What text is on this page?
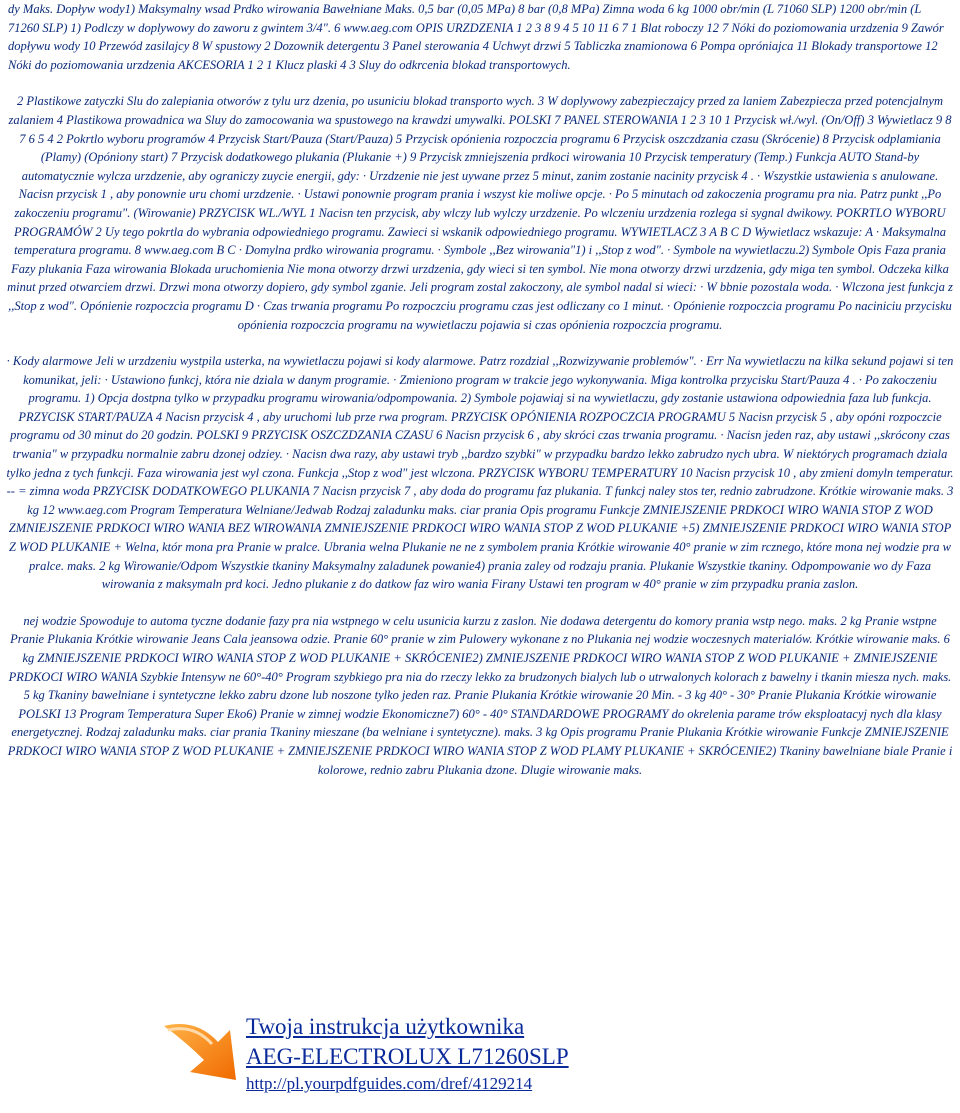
dy Maks. Dopływ wody1) Maksymalny wsad Prdko wirowania Bawełniane Maks. 0,5 bar (0,05 MPa) 8 bar (0,8 MPa) Zimna woda 6 kg 1000 obr/min (L 71060 SLP) 1200 obr/min (L 71260 SLP) 1) Podlczy w doplywowy do zaworu z gwintem 3/4". 6 www.aeg.com OPIS URZDZENIA 1 2 3 8 9 4 5 10 11 6 7 1 Blat roboczy 12 7 Nóki do poziomowania urzdzenia 9 Zawór dopływu wody 10 Przewód zasilajcy 8 W spustowy 2 Dozownik detergentu 3 Panel sterowania 4 Uchwyt drzwi 5 Tabliczka znamionowa 6 Pompa opróniajca 11 Blokady transportowe 12 Nóki do poziomowania urzdzenia AKCESORIA 1 2 1 Klucz plaski 4 3 Sluy do odkrcenia blokad transportowych.

2 Plastikowe zatyczki Slu do zalepiania otworów z tylu urz dzenia, po usuniciu blokad transporto wych. 3 W doplywowy zabezpieczajcy przed za laniem Zabezpiecza przed potencjalnym zalaniem 4 Plastikowa prowadnica wa Sluy do zamocowania wa spustowego na krawdzi umywalki. POLSKI 7 PANEL STEROWANIA 1 2 3 10 1 Przycisk wł./wyl. (On/Off) 3 Wywietlacz 9 8 7 6 5 4 2 Pokrtlo wyboru programów 4 Przycisk Start/Pauza (Start/Pauza) 5 Przycisk opónienia rozpoczcia programu 6 Przycisk oszczdzania czasu (Skrócenie) 8 Przycisk odplamiania (Plamy) (Opóniony start) 7 Przycisk dodatkowego plukania (Plukanie +) 9 Przycisk zmniejszenia prdkoci wirowania 10 Przycisk temperatury (Temp.) Funkcja AUTO Stand-by automatycznie wylcza urzdzenie, aby ograniczy zuycie energii, gdy: · Urzdzenie nie jest uywane przez 5 minut, zanim zostanie nacinity przycisk 4 . · Wszystkie ustawienia s anulowane. Nacisn przycisk 1 , aby ponownie uru chomi urzdzenie. · Ustawi ponownie program prania i wszyst kie moliwe opcje. · Po 5 minutach od zakoczenia programu pra nia. Patrz punkt ,,Po zakoczeniu programu". (Wirowanie) PRZYCISK WL./WYL 1 Nacisn ten przycisk, aby wlczy lub wylczy urzdzenie. Po wlczeniu urzdzenia rozlega si sygnal dwikowy. POKRTLO WYBORU PROGRAMÓW 2 Uy tego pokrtla do wybrania odpowiedniego programu. Zawieci si wskanik odpowiedniego programu. WYWIETLACZ 3 A B C D Wywietlacz wskazuje: A · Maksymalna temperatura programu. 8 www.aeg.com B C · Domylna prdko wirowania programu. · Symbole ,,Bez wirowania"1) i ,,Stop z wod". · Symbole na wywietlaczu.2) Symbole Opis Faza prania Fazy plukania Faza wirowania Blokada uruchomienia Nie mona otworzy drzwi urzdzenia, gdy wieci si ten symbol. Nie mona otworzy drzwi urzdzenia, gdy miga ten symbol. Odczeka kilka minut przed otwarciem drzwi. Drzwi mona otworzy dopiero, gdy symbol zganie. Jeli program zostal zakoczony, ale symbol nadal si wieci: · W bbnie pozostala woda. · Wlczona jest funkcja z ,,Stop z wod". Opónienie rozpoczcia programu D · Czas trwania programu Po rozpoczciu programu czas jest odliczany co 1 minut. · Opónienie rozpoczcia programu Po naciniciu przycisku opónienia rozpoczcia programu na wywietlaczu pojawia si czas opónienia rozpoczcia programu.

· Kody alarmowe Jeli w urzdzeniu wystpila usterka, na wywietlaczu pojawi si kody alarmowe. Patrz rozdzial ,,Rozwizywanie problemów". · Err Na wywietlaczu na kilka sekund pojawi si ten komunikat, jeli: · Ustawiono funkcj, która nie dziala w danym programie. · Zmieniono program w trakcie jego wykonywania. Miga kontrolka przycisku Start/Pauza 4 . · Po zakoczeniu programu. 1) Opcja dostpna tylko w przypadku programu wirowania/odpompowania. 2) Symbole pojawiaj si na wywietlaczu, gdy zostanie ustawiona odpowiednia faza lub funkcja. PRZYCISK START/PAUZA 4 Nacisn przycisk 4 , aby uruchomi lub prze rwa program. PRZYCISK OPÓNIENIA ROZPOCZCIA PROGRAMU 5 Nacisn przycisk 5 , aby opóni rozpoczcie programu od 30 minut do 20 godzin. POLSKI 9 PRZYCISK OSZCZDZANIA CZASU 6 Nacisn przycisk 6 , aby skróci czas trwania programu. · Nacisn jeden raz, aby ustawi ,,skrócony czas trwania" w przypadku normalnie zabru dzonej odziey. · Nacisn dwa razy, aby ustawi tryb ,,bardzo szybki" w przypadku bardzo lekko zabrudzo nych ubra. W niektórych programach dziala tylko jedna z tych funkcji. Faza wirowania jest wyl czona. Funkcja ,,Stop z wod" jest wlczona. PRZYCISK WYBORU TEMPERATURY 10 Nacisn przycisk 10 , aby zmieni domyln temperatur. -- = zimna woda PRZYCISK DODATKOWEGO PLUKANIA 7 Nacisn przycisk 7 , aby doda do programu faz plukania. T funkcj naley stos ter, rednio zabrudzone. Krótkie wirowanie maks. 3 kg 12 www.aeg.com Program Temperatura Welniane/Jedwab Rodzaj zaladunku maks. ciar prania Opis programu Funkcje ZMNIEJSZENIE PRDKOCI WIRO WANIA STOP Z WOD ZMNIEJSZENIE PRDKOCI WIRO WANIA BEZ WIROWANIA ZMNIEJSZENIE PRDKOCI WIRO WANIA STOP Z WOD PLUKANIE +5) ZMNIEJSZENIE PRDKOCI WIRO WANIA STOP Z WOD PLUKANIE + Welna, któr mona pra Pranie w pralce. Ubrania welna Plukanie ne ne z symbolem prania Krótkie wirowanie 40° pranie w zim rcznego, które mona nej wodzie pra w pralce. maks. 2 kg Wirowanie/Odpom Wszystkie tkaniny Maksymalny zaladunek powanie4) prania zaley od rodzaju prania. Plukanie Wszystkie tkaniny. Odpompowanie wo dy Faza wirowania z maksymaln prd koci. Jedno plukanie z do datkow faz wiro wania Firany Ustawi ten program w 40° pranie w zim przypadku prania zaslon.

nej wodzie Spowoduje to automa tyczne dodanie fazy pra nia wstpnego w celu usunicia kurzu z zaslon. Nie dodawa detergentu do komory prania wstp nego. maks. 2 kg Pranie wstpne Pranie Plukania Krótkie wirowanie Jeans Cala jeansowa odzie. Pranie 60° pranie w zim Pulowery wykonane z no Plukania nej wodzie woczesnych materialów. Krótkie wirowanie maks. 6 kg ZMNIEJSZENIE PRDKOCI WIRO WANIA STOP Z WOD PLUKANIE + SKRÓCENIE2) ZMNIEJSZENIE PRDKOCI WIRO WANIA STOP Z WOD PLUKANIE + ZMNIEJSZENIE PRDKOCI WIRO WANIA Szybkie Intensyw ne 60°-40° Program szybkiego pra nia do rzeczy lekko za brudzonych bialych lub o utrwalonych kolorach z bawelny i tkanin miesza nych. maks. 5 kg Tkaniny bawelniane i syntetyczne lekko zabru dzone lub noszone tylko jeden raz. Pranie Plukania Krótkie wirowanie 20 Min. - 3 kg 40° - 30° Pranie Plukania Krótkie wirowanie POLSKI 13 Program Temperatura Super Eko6) Pranie w zimnej wodzie Ekonomiczne7) 60° - 40° STANDARDOWE PROGRAMY do okrelenia parame trów eksploatacyj nych dla klasy energetycznej. Rodzaj zaladunku maks. ciar prania Tkaniny mieszane (ba welniane i syntetyczne). maks. 3 kg Opis programu Pranie Plukania Krótkie wirowanie Funkcje ZMNIEJSZENIE PRDKOCI WIRO WANIA STOP Z WOD PLUKANIE + ZMNIEJSZENIE PRDKOCI WIRO WANIA STOP Z WOD PLAMY PLUKANIE + SKRÓCENIE2) Tkaniny bawelniane biale Pranie i kolorowe, rednio zabru Plukania dzone. Dlugie wirowanie maks.

Twoja instrukcja użytkownika
AEG-ELECTROLUX L71260SLP
http://pl.yourpdfguides.com/dref/4129214
